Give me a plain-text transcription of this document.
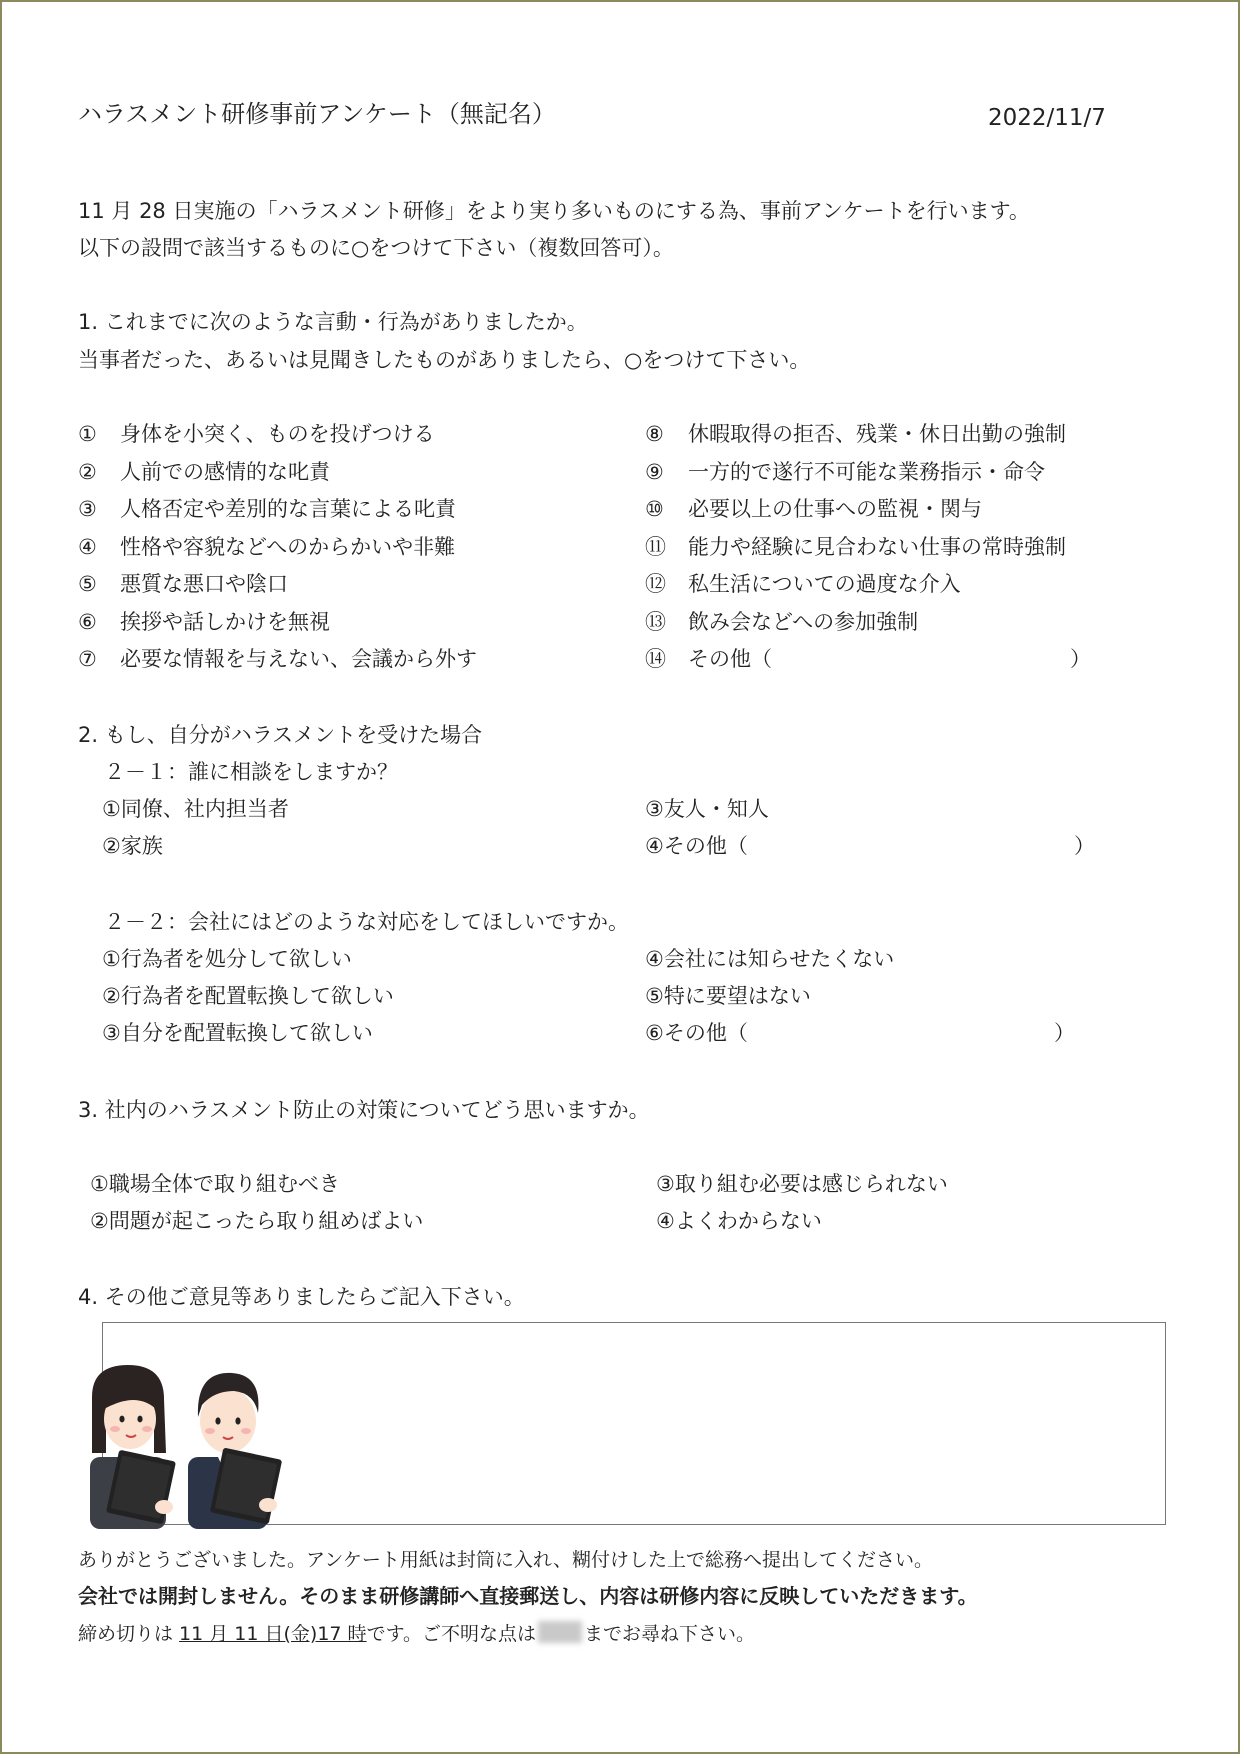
ハラスメント研修事前アンケート（無記名）	2022/11/7
11 月 28 日実施の「ハラスメント研修」をより実り多いものにする為、事前アンケートを行います。
以下の設問で該当するものに○をつけて下さい（複数回答可）。
1. これまでに次のような言動・行為がありましたか。
当事者だった、あるいは見聞きしたものがありましたら、○をつけて下さい。
① 身体を小突く、ものを投げつける
② 人前での感情的な叱責
③ 人格否定や差別的な言葉による叱責
④ 性格や容貌などへのからかいや非難
⑤ 悪質な悪口や陰口
⑥ 挨拶や話しかけを無視
⑦ 必要な情報を与えない、会議から外す
⑧ 休暇取得の拒否、残業・休日出勤の強制
⑨ 一方的で遂行不可能な業務指示・命令
⑩ 必要以上の仕事への監視・関与
⑪ 能力や経験に見合わない仕事の常時強制
⑫ 私生活についての過度な介入
⑬ 飲み会などへの参加強制
⑭ その他（	）
2. もし、自分がハラスメントを受けた場合
２－１：誰に相談をしますか？
①同僚、社内担当者
②家族
③友人・知人
④その他（	）
２－２：会社にはどのような対応をしてほしいですか。
①行為者を処分して欲しい
②行為者を配置転換して欲しい
③自分を配置転換して欲しい
④会社には知らせたくない
⑤特に要望はない
⑥その他（	）
3. 社内のハラスメント防止の対策についてどう思いますか。
①職場全体で取り組むべき
②問題が起こったら取り組めばよい
③取り組む必要は感じられない
④よくわからない
4. その他ご意見等ありましたらご記入下さい。
ありがとうございました。アンケート用紙は封筒に入れ、糊付けした上で総務へ提出してください。
会社では開封しません。そのまま研修講師へ直接郵送し、内容は研修内容に反映していただきます。
締め切りは 11 月 11 日(金)17 時です。ご不明な点は	までお尋ね下さい。
